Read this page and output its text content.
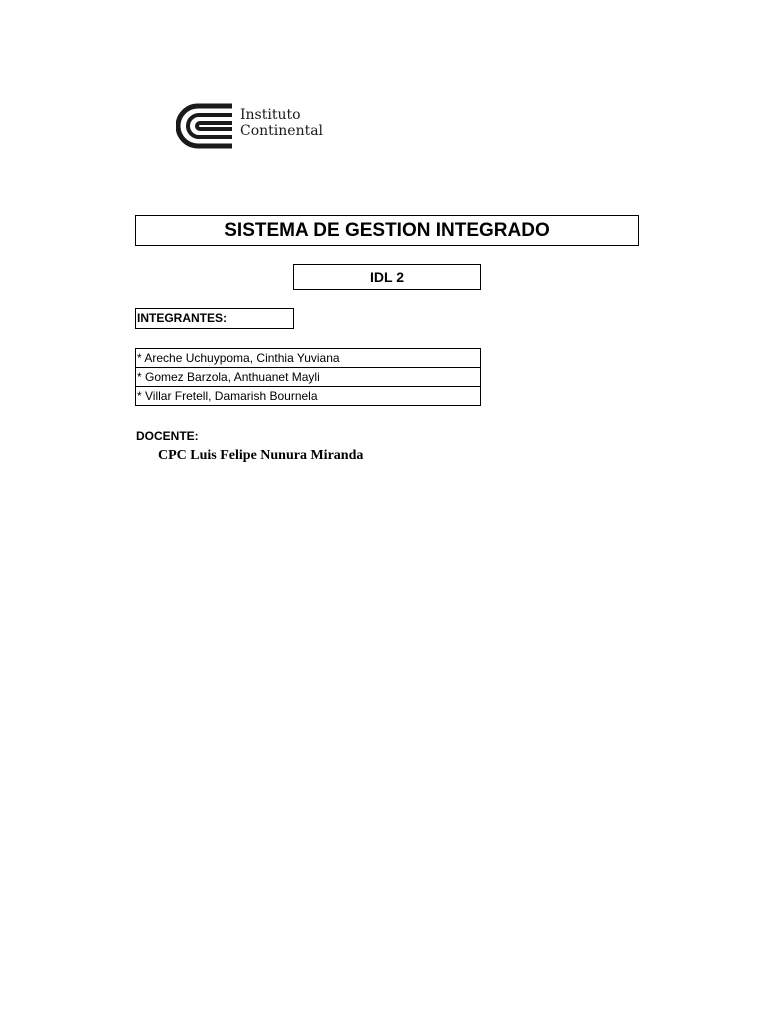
Instituto
Continental
SISTEMA DE GESTION INTEGRADO
IDL 2
INTEGRANTES:
* Areche Uchuypoma, Cinthia Yuviana
* Gomez Barzola, Anthuanet Mayli
* Villar Fretell, Damarish Bournela
DOCENTE:
CPC Luis Felipe Nunura Miranda
